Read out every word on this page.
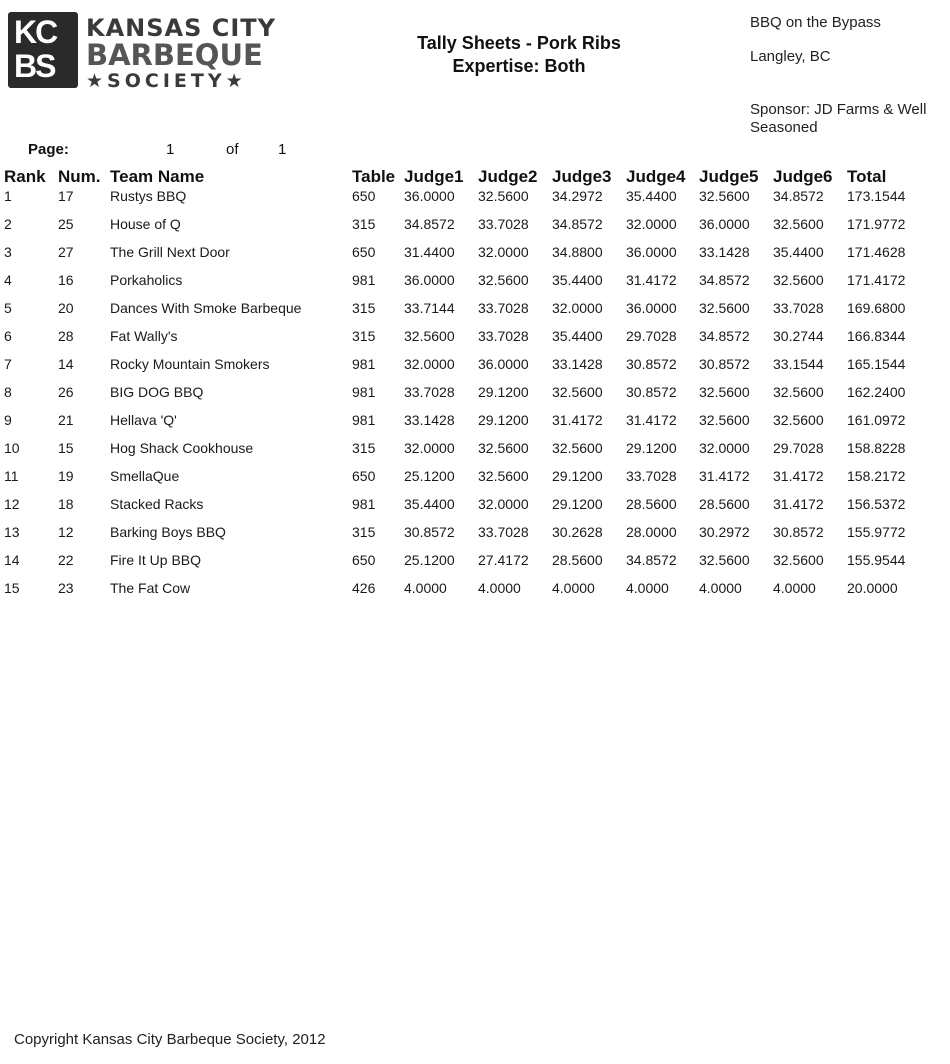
KC
BS
KANSAS CITY
BARBEQUE
★SOCIETY★
Tally Sheets - Pork Ribs
Expertise: Both
BBQ on the Bypass
Langley, BC
Sponsor: JD Farms & Well Seasoned
Page:	1	of	1
Rank	Num.	Team Name	Table	Judge1	Judge2	Judge3	Judge4	Judge5	Judge6	Total
1	17	Rustys BBQ	650	36.0000	32.5600	34.2972	35.4400	32.5600	34.8572	173.1544
2	25	House of Q	315	34.8572	33.7028	34.8572	32.0000	36.0000	32.5600	171.9772
3	27	The Grill Next Door	650	31.4400	32.0000	34.8800	36.0000	33.1428	35.4400	171.4628
4	16	Porkaholics	981	36.0000	32.5600	35.4400	31.4172	34.8572	32.5600	171.4172
5	20	Dances With Smoke Barbeque	315	33.7144	33.7028	32.0000	36.0000	32.5600	33.7028	169.6800
6	28	Fat Wally's	315	32.5600	33.7028	35.4400	29.7028	34.8572	30.2744	166.8344
7	14	Rocky Mountain Smokers	981	32.0000	36.0000	33.1428	30.8572	30.8572	33.1544	165.1544
8	26	BIG DOG BBQ	981	33.7028	29.1200	32.5600	30.8572	32.5600	32.5600	162.2400
9	21	Hellava 'Q'	981	33.1428	29.1200	31.4172	31.4172	32.5600	32.5600	161.0972
10	15	Hog Shack Cookhouse	315	32.0000	32.5600	32.5600	29.1200	32.0000	29.7028	158.8228
11	19	SmellaQue	650	25.1200	32.5600	29.1200	33.7028	31.4172	31.4172	158.2172
12	18	Stacked Racks	981	35.4400	32.0000	29.1200	28.5600	28.5600	31.4172	156.5372
13	12	Barking Boys BBQ	315	30.8572	33.7028	30.2628	28.0000	30.2972	30.8572	155.9772
14	22	Fire It Up BBQ	650	25.1200	27.4172	28.5600	34.8572	32.5600	32.5600	155.9544
15	23	The Fat Cow	426	4.0000	4.0000	4.0000	4.0000	4.0000	4.0000	20.0000
Copyright Kansas City Barbeque Society, 2012
